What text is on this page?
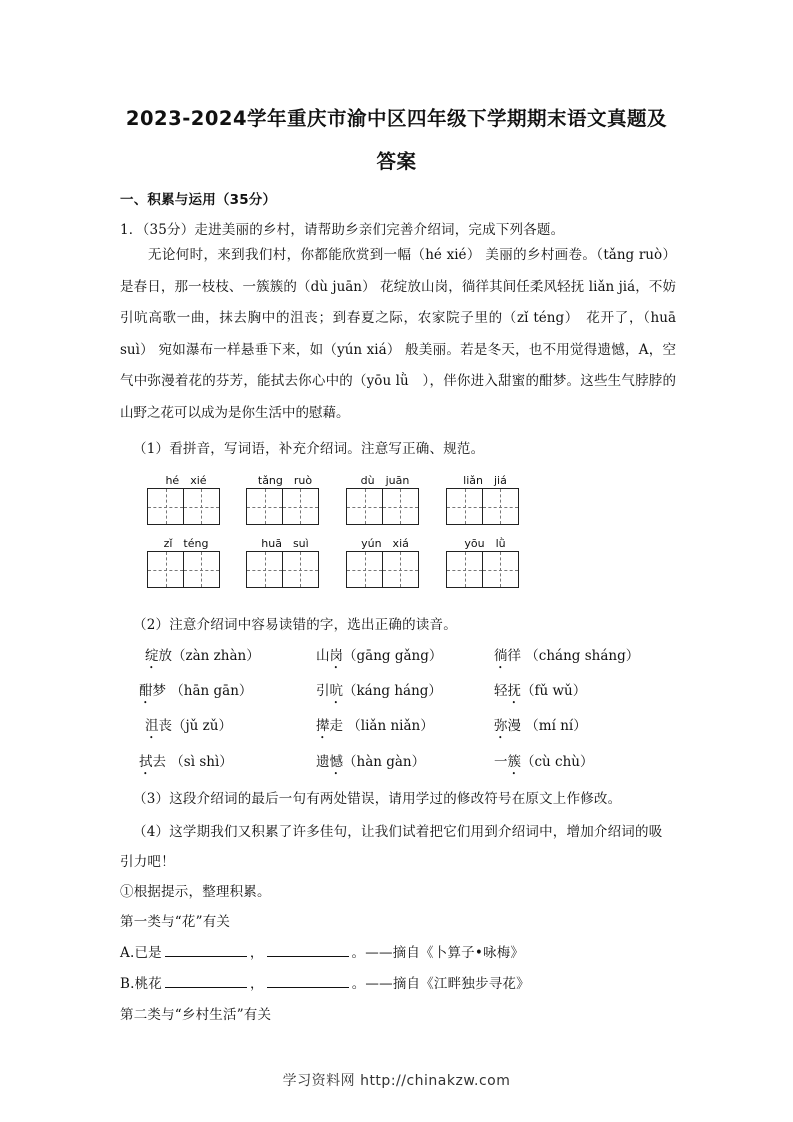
2023-2024学年重庆市渝中区四年级下学期期末语文真题及
答案
一、积累与运用（35分）
1．（35分）走进美丽的乡村，请帮助乡亲们完善介绍词，完成下列各题。
无论何时，来到我们村，你都能欣赏到一幅（hé xié） 美丽的乡村画卷。（tǎng ruò）是春日，那一枝枝、一簇簇的（dù juān） 花绽放山岗，徜徉其间任柔风轻抚 liǎn jiá，不妨引吭高歌一曲，抹去胸中的沮丧；到春夏之际，农家院子里的（zǐ téng）　花开了，（huā suì） 宛如瀑布一样悬垂下来，如（yún xiá） 般美丽。若是冬天，也不用觉得遗憾，A，空气中弥漫着花的芬芳，能拭去你心中的（yōu lǜ　），伴你进入甜蜜的酣梦。这些生气脖脖的山野之花可以成为是你生活中的慰藉。
（1）看拼音，写词语，补充介绍词。注意写正确、规范。
hé　xié	tǎng　ruò	dù　juān	liǎn　jiá
zǐ　téng	huā　suì	yún　xiá	yōu　lǜ
（2）注意介绍词中容易读错的字，选出正确的读音。
绽放（zàn zhàn）	山岗（gāng gǎng）	徜徉 （cháng sháng）
酣梦 （hān gān）	引吭（káng háng）	轻抚（fǔ wǔ）
沮丧（jǔ zǔ）	撵走 （liǎn niǎn）	弥漫 （mí ní）
拭去 （sì shì）	遗憾（hàn gàn）	一簇（cù chù）
（3）这段介绍词的最后一句有两处错误，请用学过的修改符号在原文上作修改。
（4）这学期我们又积累了许多佳句，让我们试着把它们用到介绍词中，增加介绍词的吸
引力吧！
①根据提示，整理积累。
第一类与“花”有关
A.已是	，	。——摘自《卜算子•咏梅》
B.桃花	，	。——摘自《江畔独步寻花》
第二类与“乡村生活”有关
学习资料网 http://chinakzw.com
